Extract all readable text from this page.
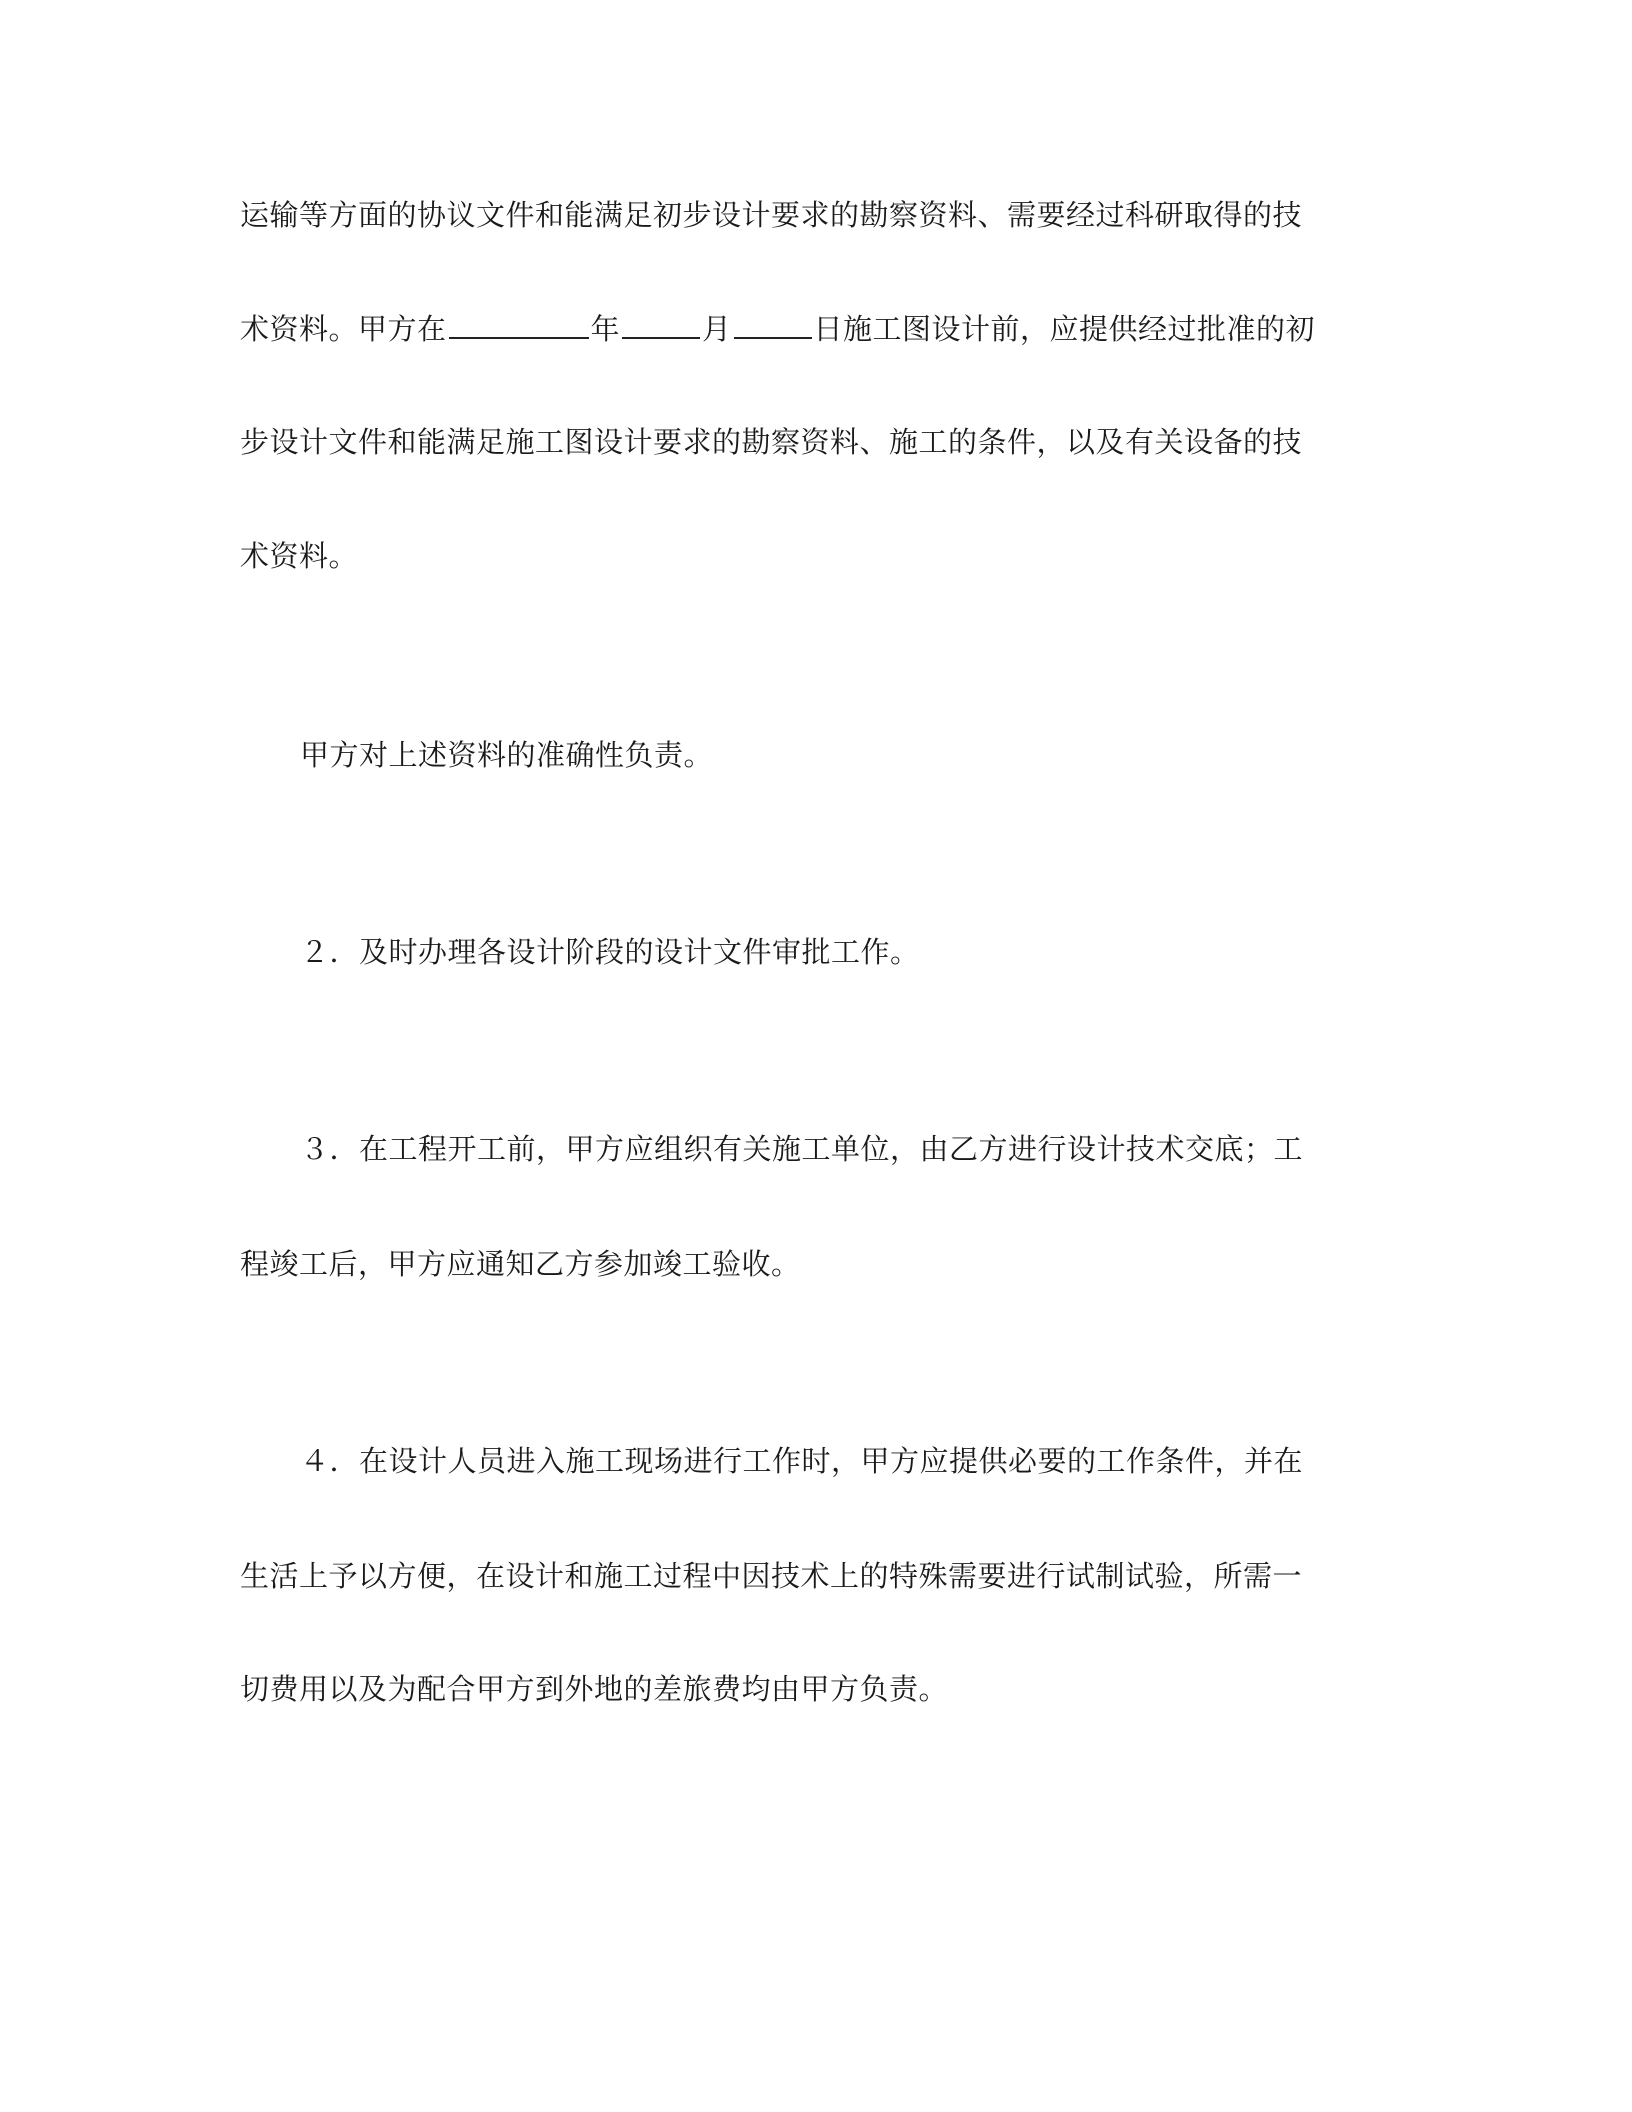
运输等方面的协议文件和能满足初步设计要求的勘察资料、需要经过科研取得的技
术资料。甲方在	年	月	日施工图设计前，应提供经过批准的初
步设计文件和能满足施工图设计要求的勘察资料、施工的条件，以及有关设备的技
术资料。
甲方对上述资料的准确性负责。
２．及时办理各设计阶段的设计文件审批工作。
３．在工程开工前，甲方应组织有关施工单位，由乙方进行设计技术交底；工
程竣工后，甲方应通知乙方参加竣工验收。
４．在设计人员进入施工现场进行工作时，甲方应提供必要的工作条件，并在
生活上予以方便，在设计和施工过程中因技术上的特殊需要进行试制试验，所需一
切费用以及为配合甲方到外地的差旅费均由甲方负责。
